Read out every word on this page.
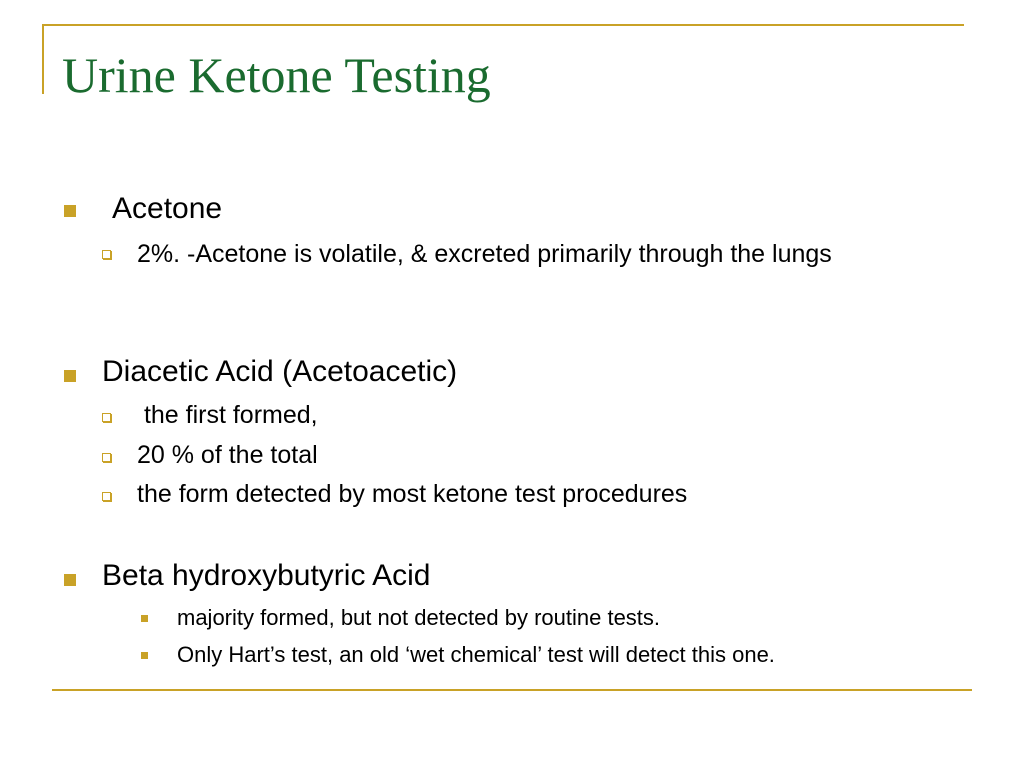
Urine Ketone Testing
Acetone
2%. -Acetone is volatile, & excreted primarily through the lungs
Diacetic Acid (Acetoacetic)
the first formed,
20 % of the total
the form detected by most ketone test procedures
Beta hydroxybutyric Acid
majority formed, but not detected by routine tests.
Only Hart’s test, an old ‘wet chemical’ test will detect this one.
